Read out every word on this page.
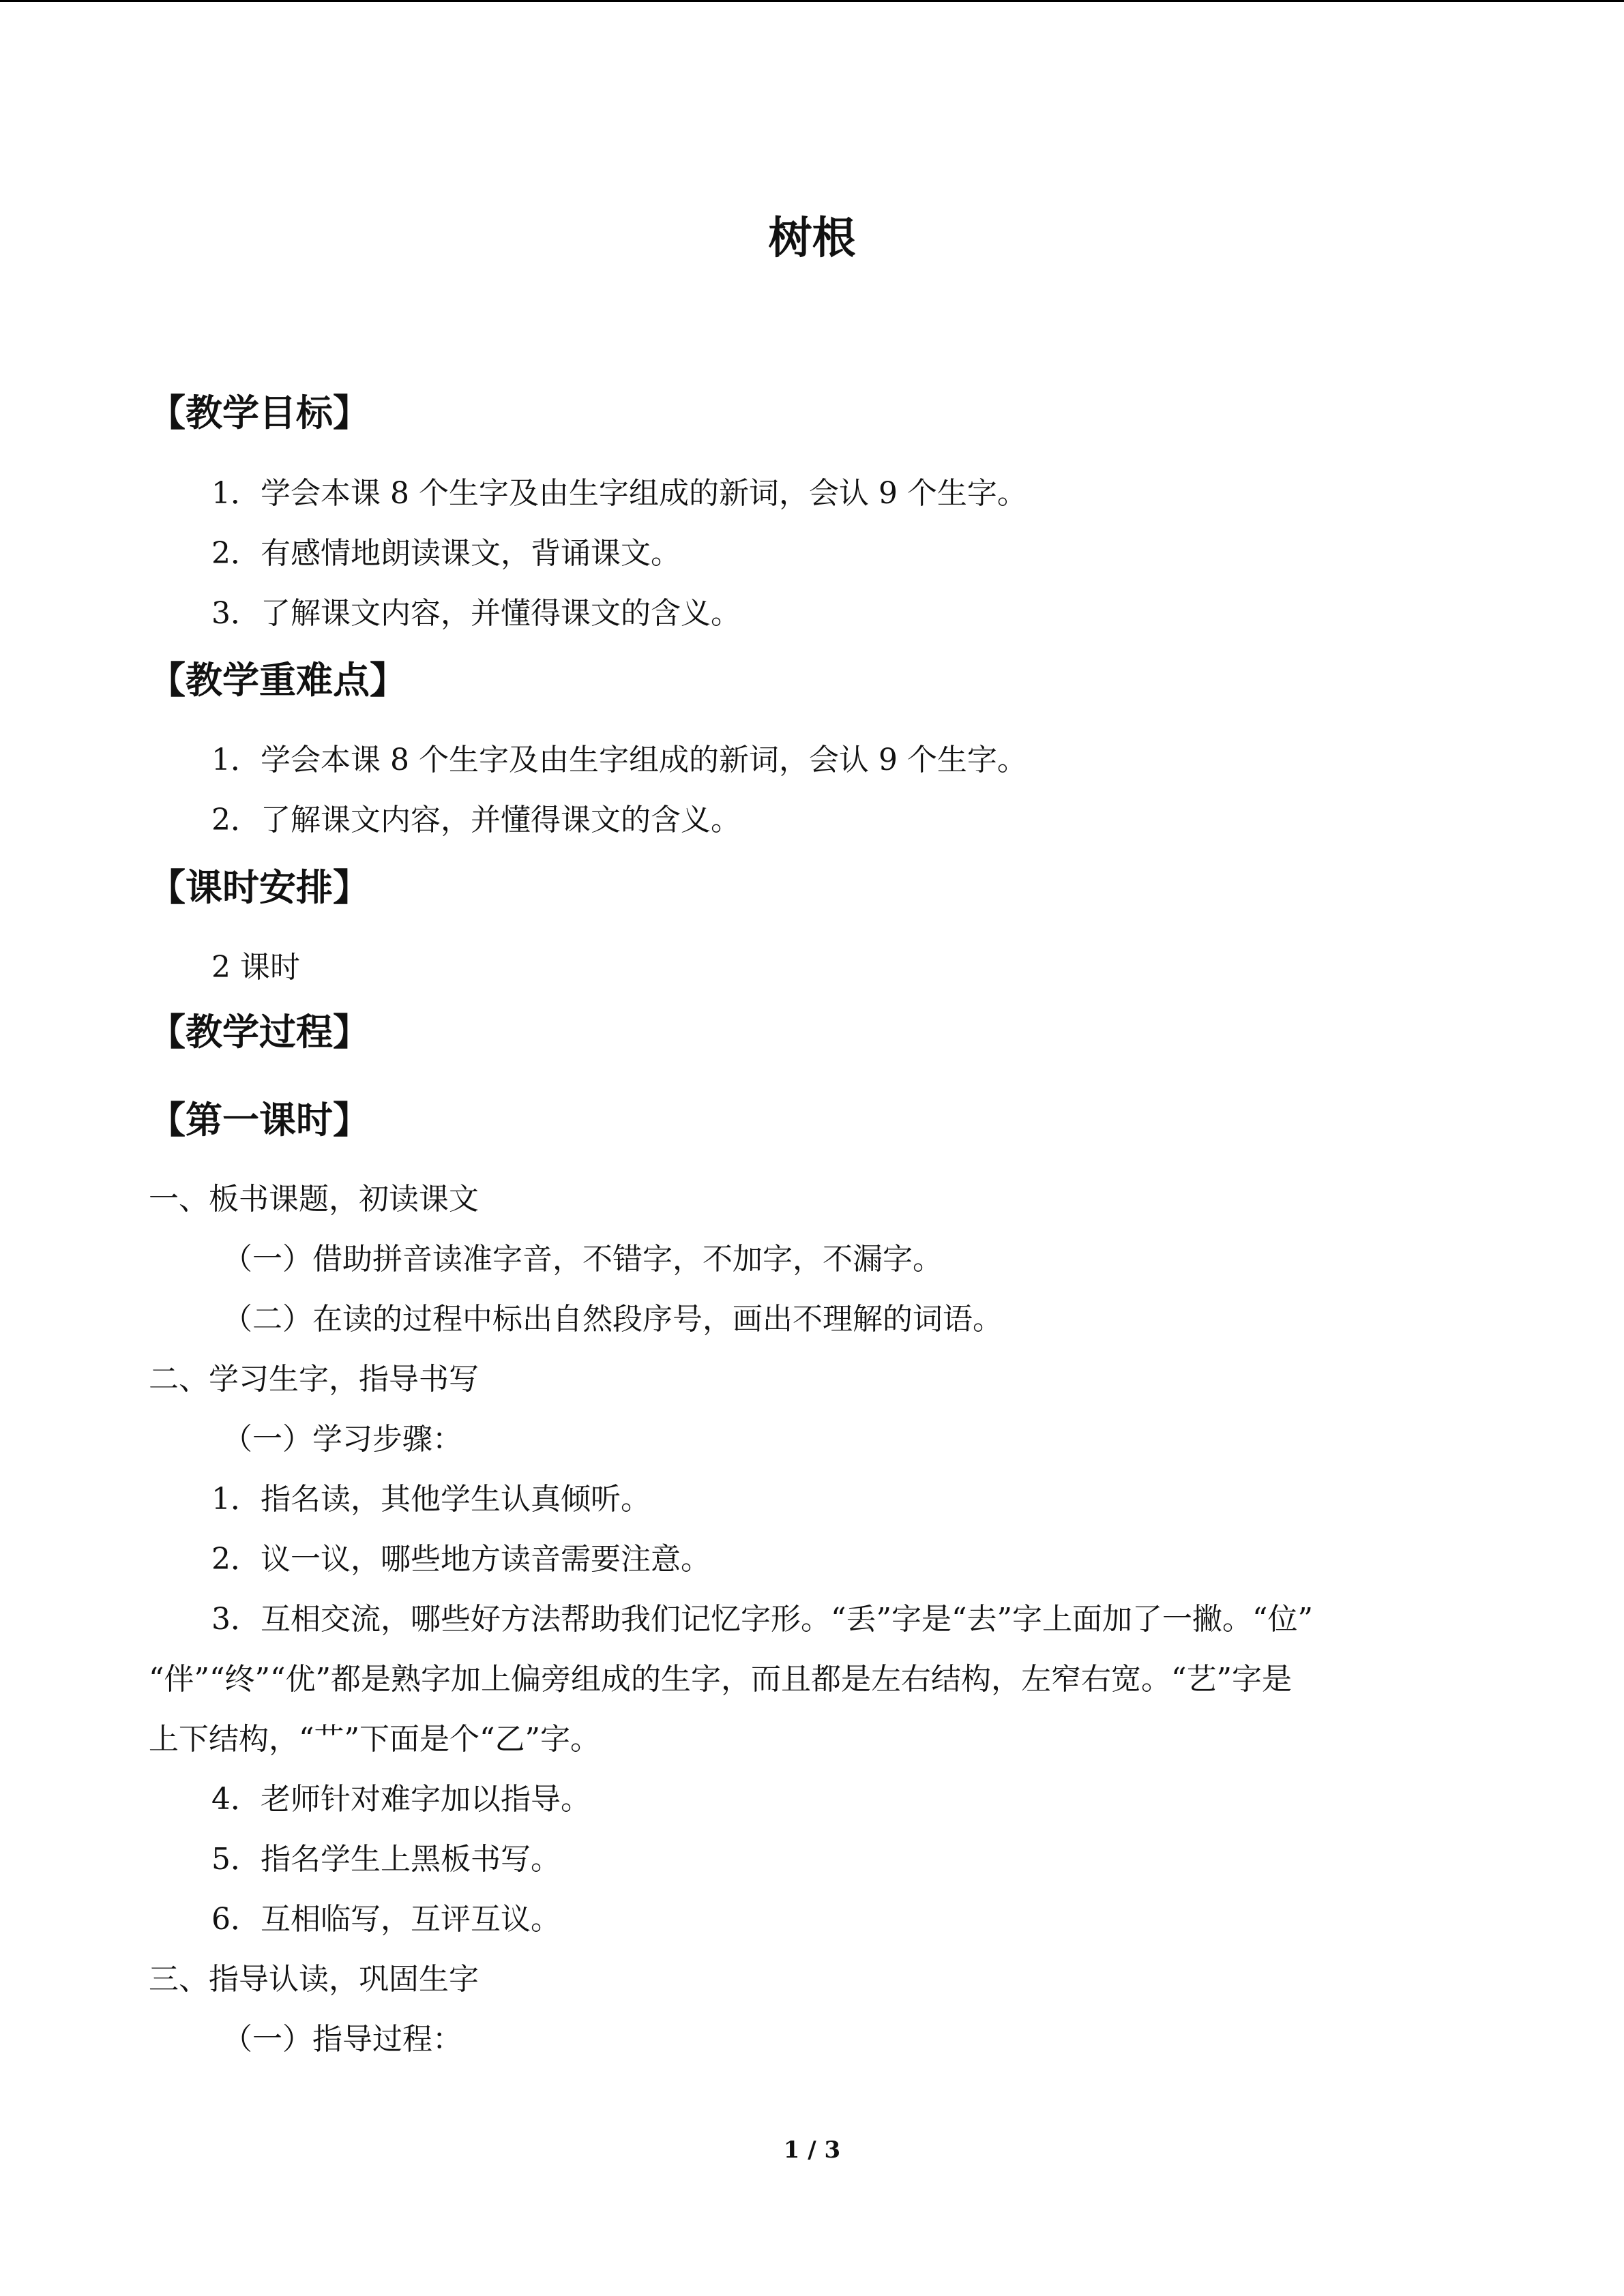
树根
【教学目标】
1．学会本课 8 个生字及由生字组成的新词，会认 9 个生字。
2．有感情地朗读课文，背诵课文。
3．了解课文内容，并懂得课文的含义。
【教学重难点】
1．学会本课 8 个生字及由生字组成的新词，会认 9 个生字。
2．了解课文内容，并懂得课文的含义。
【课时安排】
2 课时
【教学过程】
【第一课时】
一、板书课题，初读课文
（一）借助拼音读准字音，不错字，不加字，不漏字。
（二）在读的过程中标出自然段序号，画出不理解的词语。
二、学习生字，指导书写
（一）学习步骤：
1．指名读，其他学生认真倾听。
2．议一议，哪些地方读音需要注意。
3．互相交流，哪些好方法帮助我们记忆字形。“丢”字是“去”字上面加了一撇。“位”
“伴”“终”“优”都是熟字加上偏旁组成的生字，而且都是左右结构，左窄右宽。“艺”字是
上下结构，“艹”下面是个“乙”字。
4．老师针对难字加以指导。
5．指名学生上黑板书写。
6．互相临写，互评互议。
三、指导认读，巩固生字
（一）指导过程：
1 / 3
